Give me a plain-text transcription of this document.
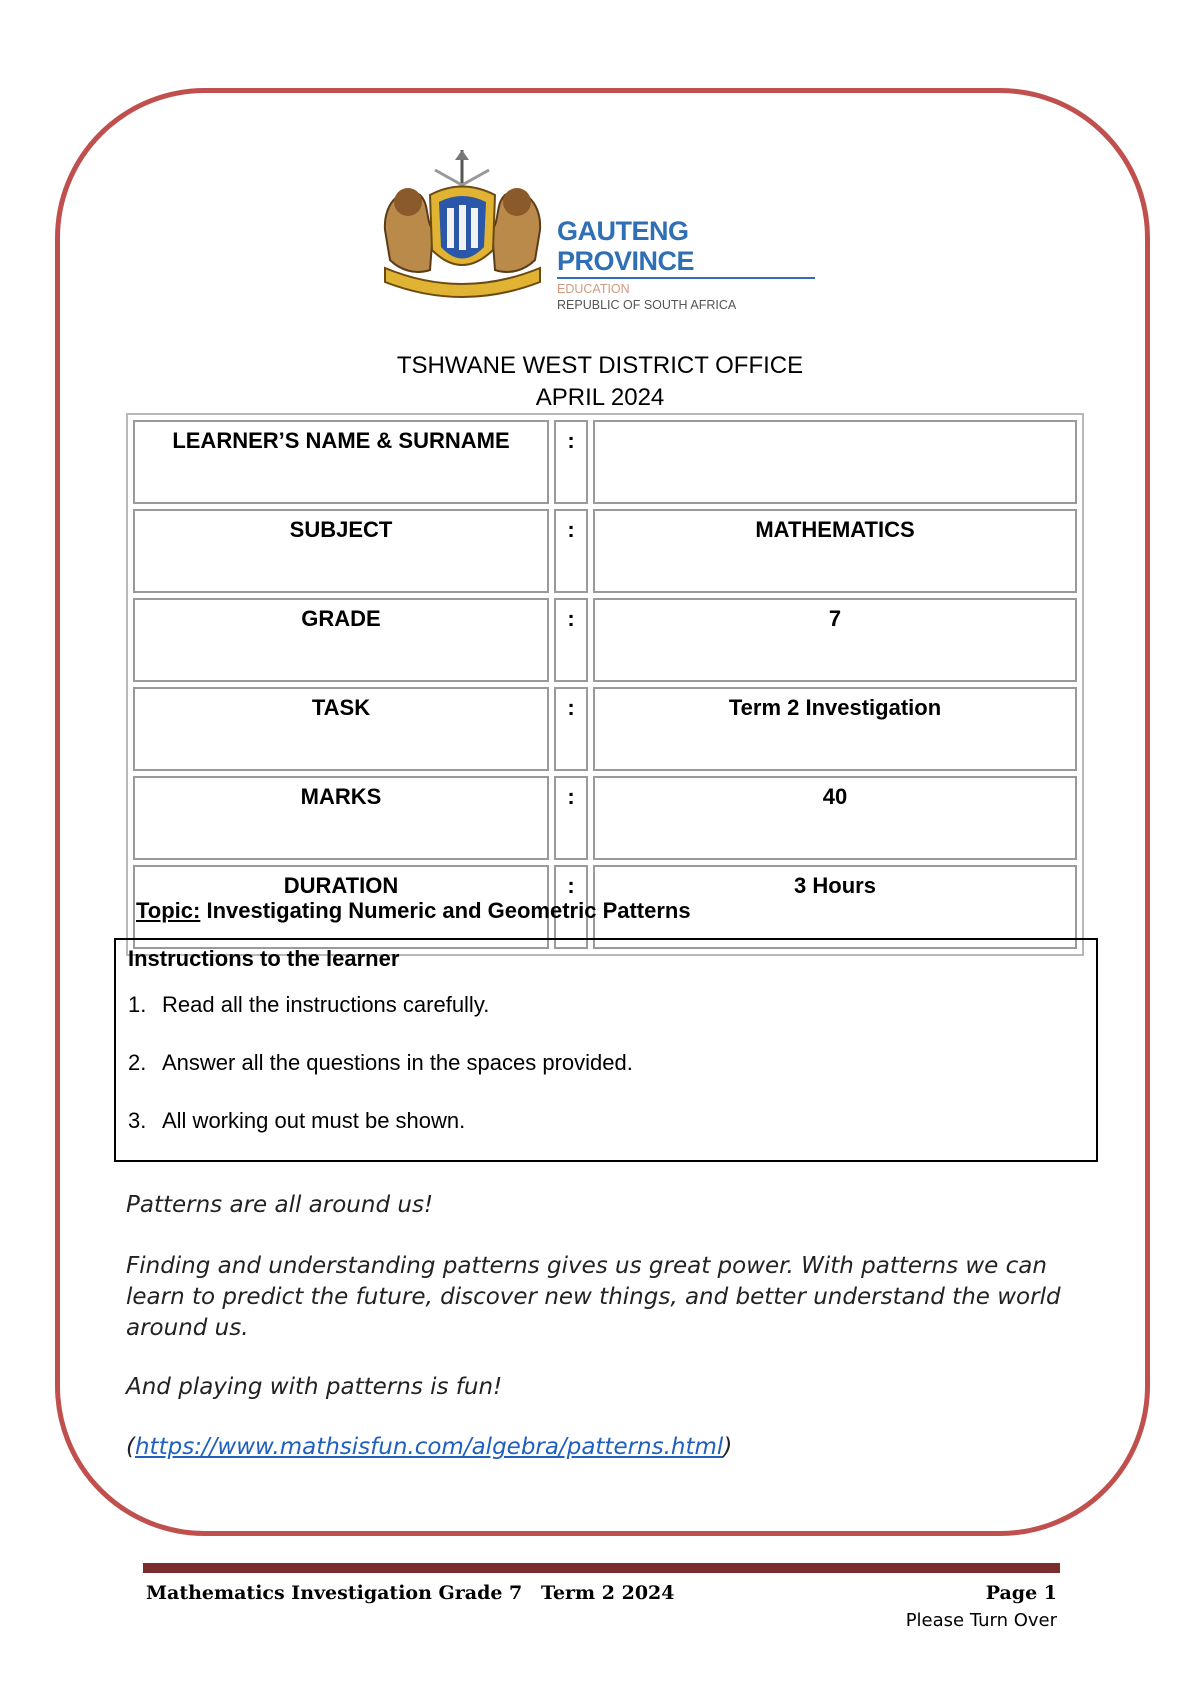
GAUTENG PROVINCE
EDUCATION
REPUBLIC OF SOUTH AFRICA
TSHWANE WEST DISTRICT OFFICE
APRIL 2024
LEARNER’S NAME & SURNAME	:	
SUBJECT	:	MATHEMATICS
GRADE	:	7
TASK	:	Term 2 Investigation
MARKS	:	40
DURATION	:	3 Hours
Topic: Investigating Numeric and Geometric Patterns
Instructions to the learner
1. Read all the instructions carefully.
2. Answer all the questions in the spaces provided.
3. All working out must be shown.
Patterns are all around us!
Finding and understanding patterns gives us great power. With patterns we can learn to predict the future, discover new things, and better understand the world around us.
And playing with patterns is fun!
(https://www.mathsisfun.com/algebra/patterns.html)
Mathematics Investigation Grade 7 Term 2 2024	Page 1
Please Turn Over
